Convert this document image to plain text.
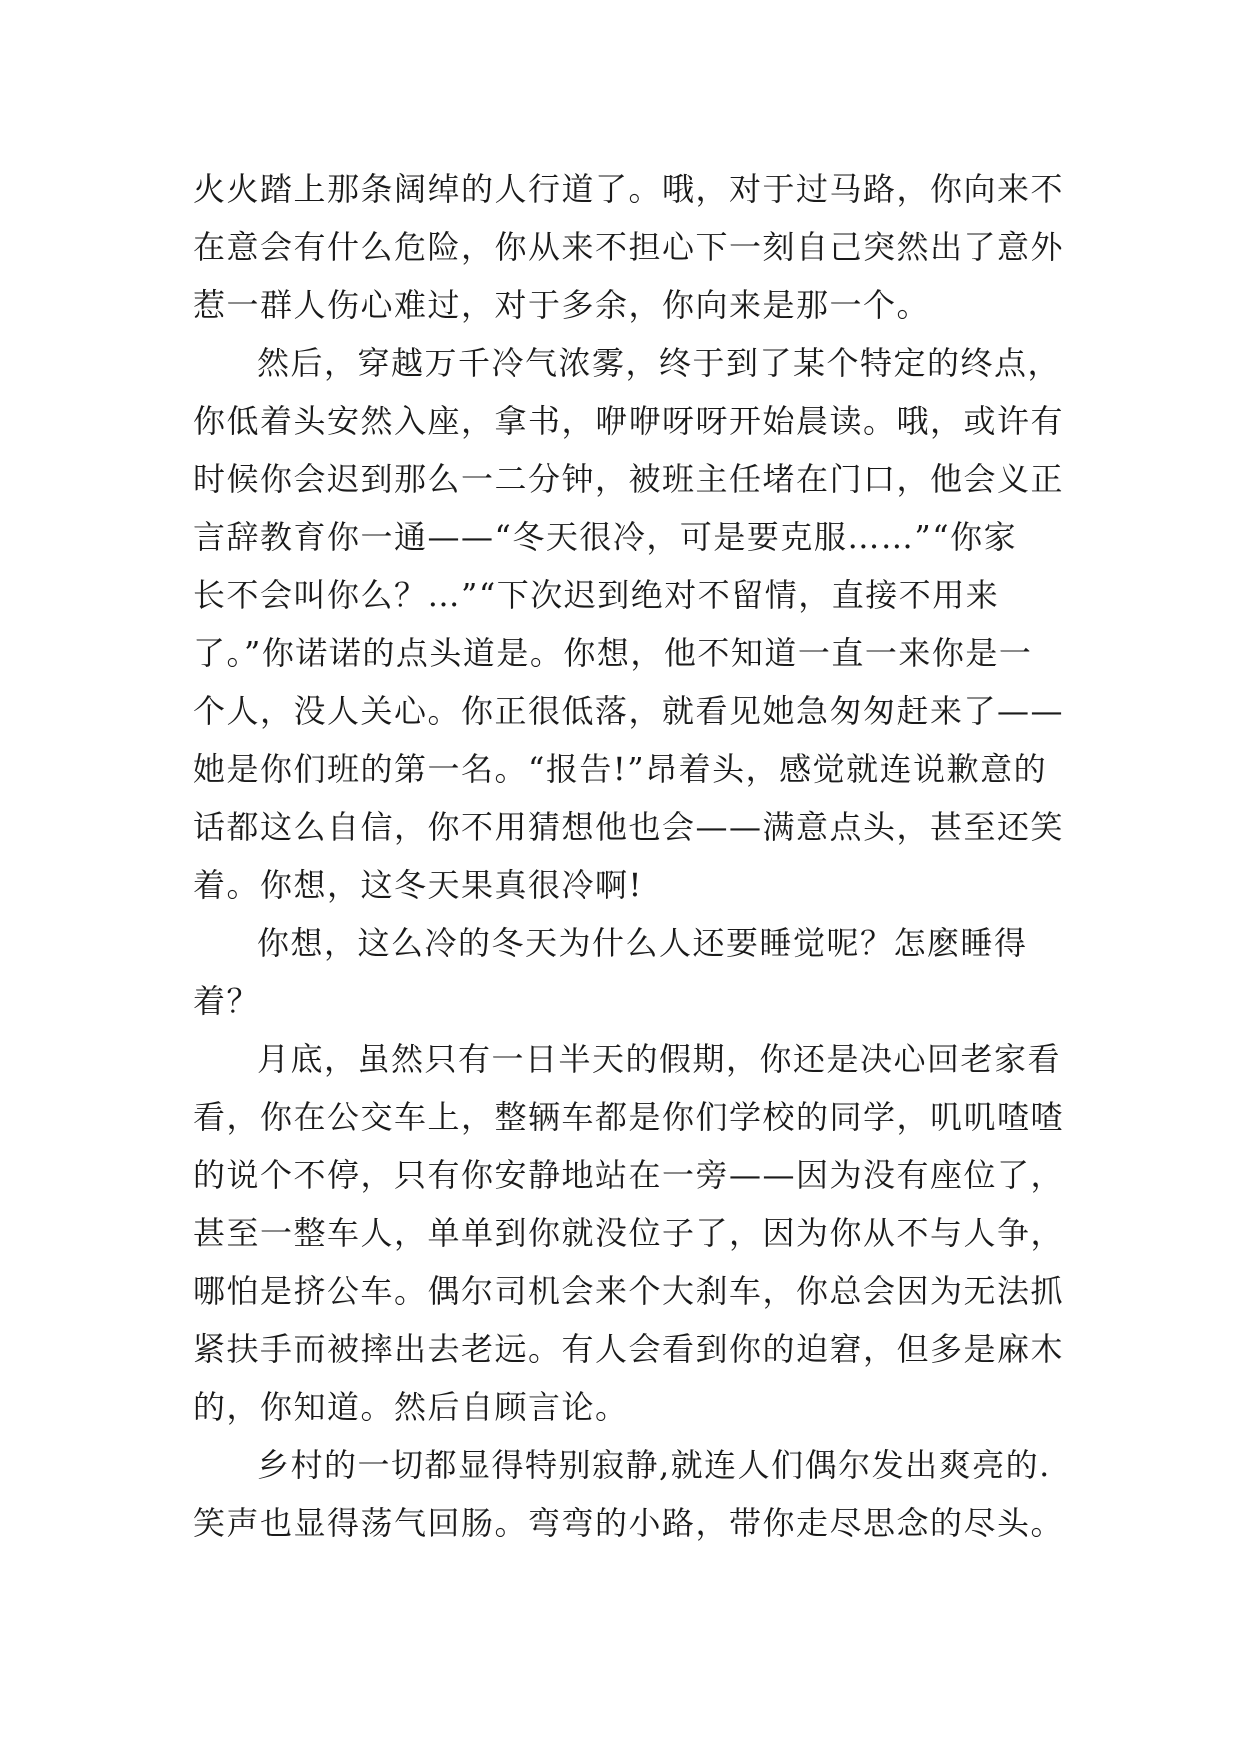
火火踏上那条阔绰的人行道了。哦，对于过马路，你向来不
在意会有什么危险，你从来不担心下一刻自己突然出了意外
惹一群人伤心难过，对于多余，你向来是那一个。
然后，穿越万千冷气浓雾，终于到了某个特定的终点，
你低着头安然入座，拿书，咿咿呀呀开始晨读。哦，或许有
时候你会迟到那么一二分钟，被班主任堵在门口，他会义正
言辞教育你一通——“冬天很冷，可是要克服……”“你家
长不会叫你么？…”“下次迟到绝对不留情，直接不用来
了。”你诺诺的点头道是。你想，他不知道一直一来你是一
个人，没人关心。你正很低落，就看见她急匆匆赶来了——
她是你们班的第一名。“报告!”昂着头，感觉就连说歉意的
话都这么自信，你不用猜想他也会——满意点头，甚至还笑
着。你想，这冬天果真很冷啊!
你想，这么冷的冬天为什么人还要睡觉呢？怎麽睡得
着？
月底，虽然只有一日半天的假期，你还是决心回老家看
看，你在公交车上，整辆车都是你们学校的同学，叽叽喳喳
的说个不停，只有你安静地站在一旁——因为没有座位了，
甚至一整车人，单单到你就没位子了，因为你从不与人争，
哪怕是挤公车。偶尔司机会来个大刹车，你总会因为无法抓
紧扶手而被摔出去老远。有人会看到你的迫窘，但多是麻木
的，你知道。然后自顾言论。
乡村的一切都显得特别寂静,就连人们偶尔发出爽亮的.
笑声也显得荡气回肠。弯弯的小路，带你走尽思念的尽头。
